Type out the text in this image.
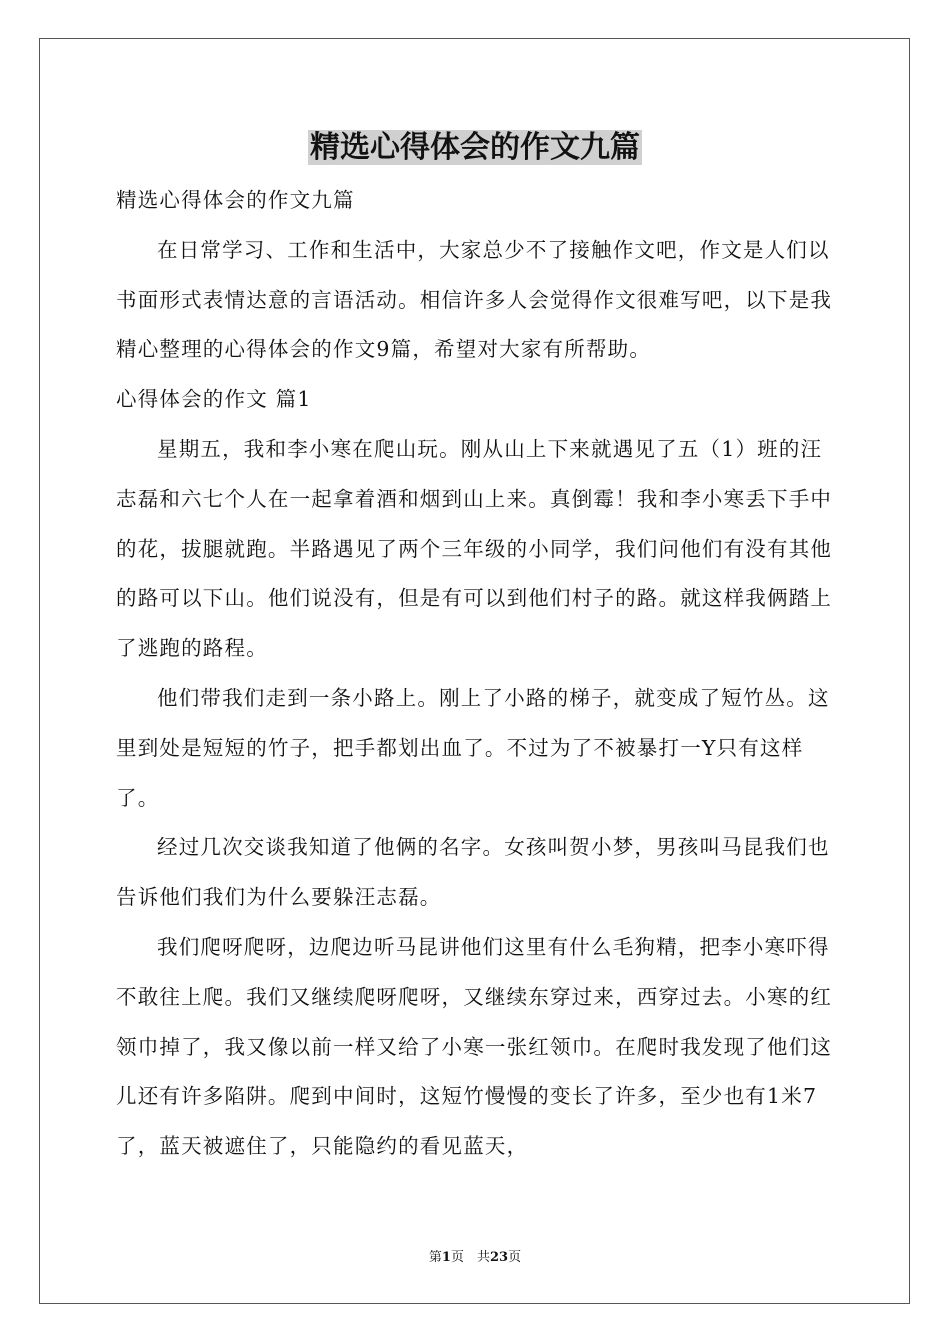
精选心得体会的作文九篇

精选心得体会的作文九篇

在日常学习、工作和生活中，大家总少不了接触作文吧，作文是人们以书面形式表情达意的言语活动。相信许多人会觉得作文很难写吧，以下是我精心整理的心得体会的作文9篇，希望对大家有所帮助。

心得体会的作文 篇1

星期五，我和李小寒在爬山玩。刚从山上下来就遇见了五（1）班的汪志磊和六七个人在一起拿着酒和烟到山上来。真倒霉！我和李小寒丢下手中的花，拔腿就跑。半路遇见了两个三年级的小同学，我们问他们有没有其他的路可以下山。他们说没有，但是有可以到他们村子的路。就这样我俩踏上了逃跑的路程。

他们带我们走到一条小路上。刚上了小路的梯子，就变成了短竹丛。这里到处是短短的竹子，把手都划出血了。不过为了不被暴打一Y只有这样了。

经过几次交谈我知道了他俩的名字。女孩叫贺小梦，男孩叫马昆我们也告诉他们我们为什么要躲汪志磊。

我们爬呀爬呀，边爬边听马昆讲他们这里有什么毛狗精，把李小寒吓得不敢往上爬。我们又继续爬呀爬呀，又继续东穿过来，西穿过去。小寒的红领巾掉了，我又像以前一样又给了小寒一张红领巾。在爬时我发现了他们这儿还有许多陷阱。爬到中间时，这短竹慢慢的变长了许多，至少也有1米7了，蓝天被遮住了，只能隐约的看见蓝天，

第1页　共23页
